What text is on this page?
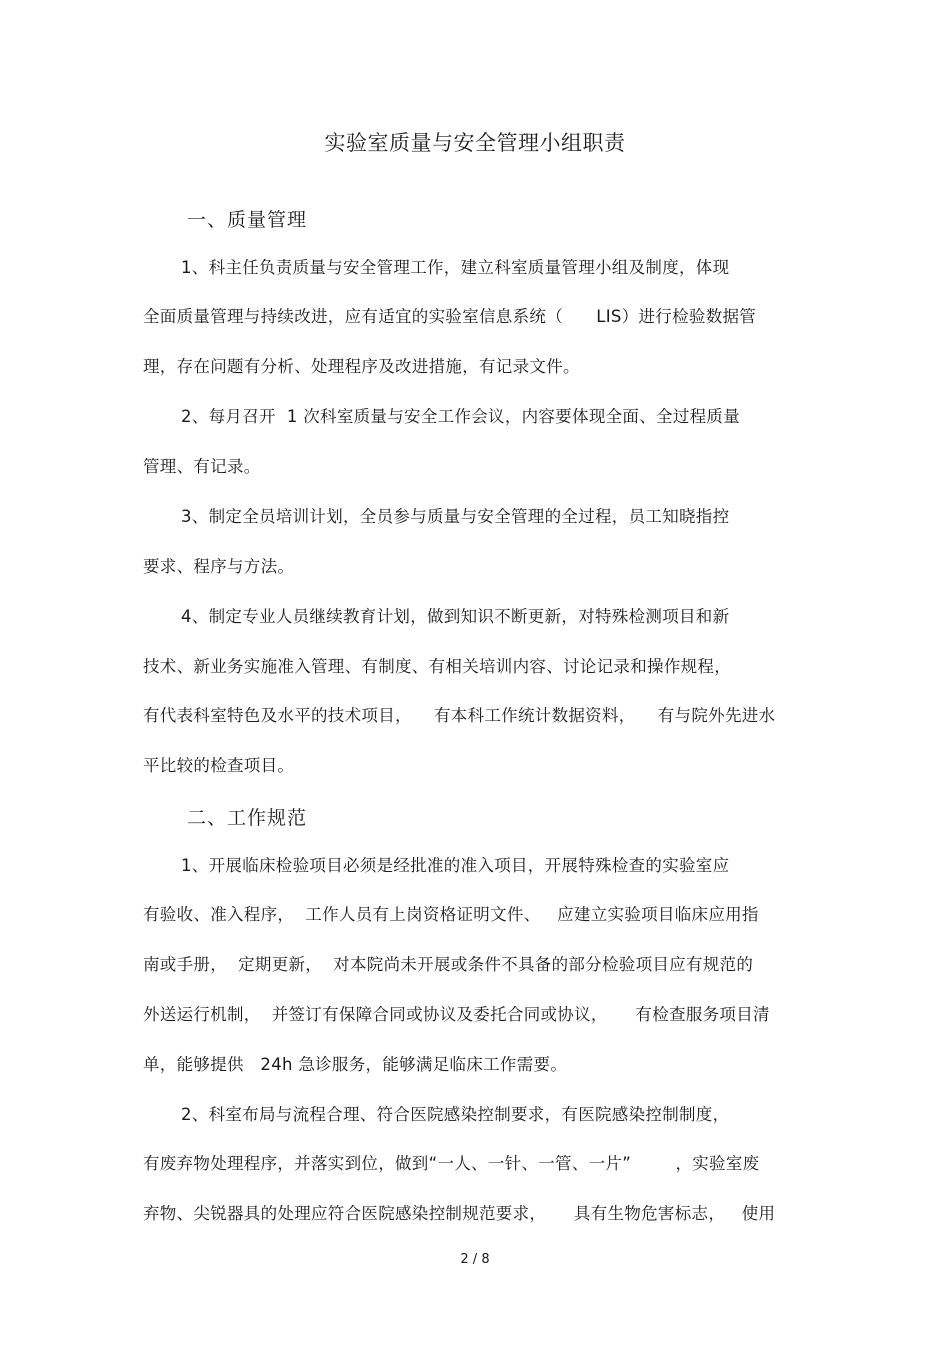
实验室质量与安全管理小组职责
一、质量管理
1、科主任负责质量与安全管理工作，建立科室质量管理小组及制度，体现
全面质量管理与持续改进，应有适宜的实验室信息系统（      LIS）进行检验数据管
理，存在问题有分析、处理程序及改进措施，有记录文件。
2、每月召开  1 次科室质量与安全工作会议，内容要体现全面、全过程质量
管理、有记录。
3、制定全员培训计划，全员参与质量与安全管理的全过程，员工知晓指控
要求、程序与方法。
4、制定专业人员继续教育计划，做到知识不断更新，对特殊检测项目和新
技术、新业务实施准入管理、有制度、有相关培训内容、讨论记录和操作规程，
有代表科室特色及水平的技术项目，    有本科工作统计数据资料，    有与院外先进水
平比较的检查项目。
二、工作规范
1、开展临床检验项目必须是经批准的准入项目，开展特殊检查的实验室应
有验收、准入程序，  工作人员有上岗资格证明文件、   应建立实验项目临床应用指
南或手册，  定期更新，  对本院尚未开展或条件不具备的部分检验项目应有规范的
外送运行机制，  并签订有保障合同或协议及委托合同或协议，     有检查服务项目清
单，能够提供   24h 急诊服务，能够满足临床工作需要。
2、科室布局与流程合理、符合医院感染控制要求，有医院感染控制制度，
有废弃物处理程序，并落实到位，做到“一人、一针、一管、一片”        ，实验室废
弃物、尖锐器具的处理应符合医院感染控制规范要求，     具有生物危害标志，   使用
2 / 8
